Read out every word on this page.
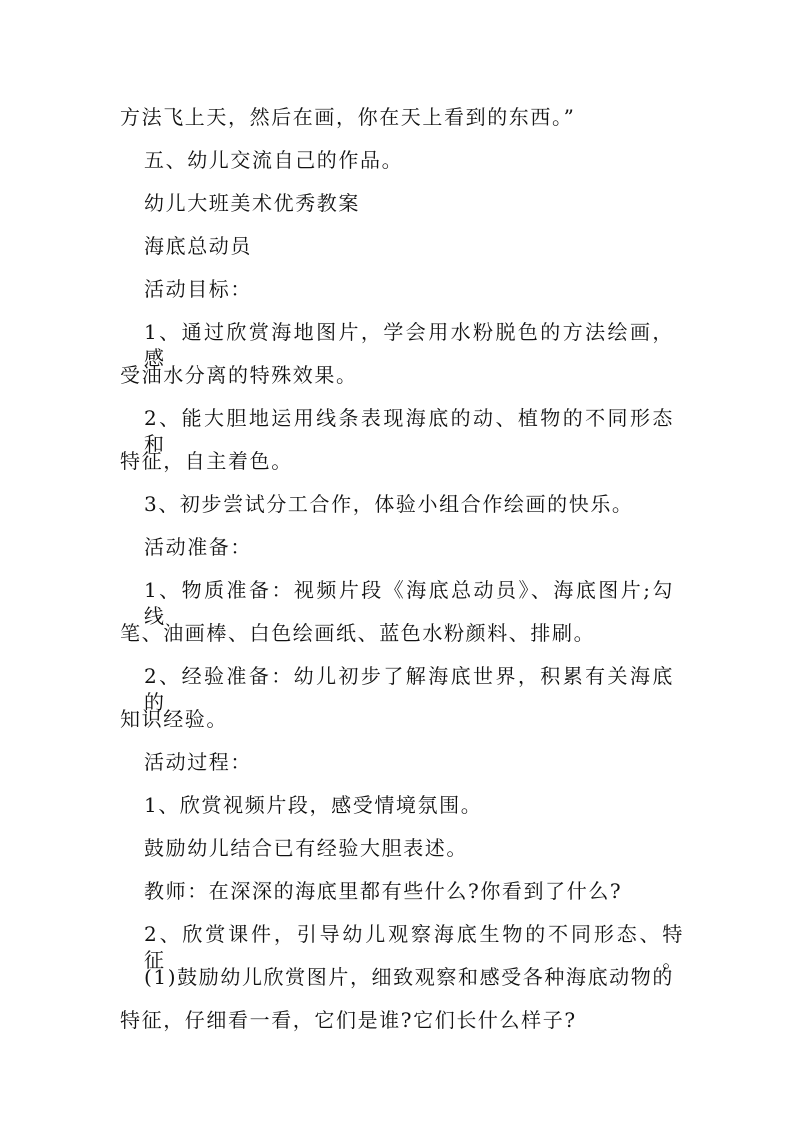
方法飞上天，然后在画，你在天上看到的东西。”
五、幼儿交流自己的作品。
幼儿大班美术优秀教案
海底总动员
活动目标：
1、通过欣赏海地图片，学会用水粉脱色的方法绘画，感
受油水分离的特殊效果。
2、能大胆地运用线条表现海底的动、植物的不同形态和
特征，自主着色。
3、初步尝试分工合作，体验小组合作绘画的快乐。
活动准备：
1、物质准备：视频片段《海底总动员》、海底图片;勾线
笔、油画棒、白色绘画纸、蓝色水粉颜料、排刷。
2、经验准备：幼儿初步了解海底世界，积累有关海底的
知识经验。
活动过程：
1、欣赏视频片段，感受情境氛围。
鼓励幼儿结合已有经验大胆表述。
教师：在深深的海底里都有些什么?你看到了什么?
2、欣赏课件，引导幼儿观察海底生物的不同形态、特征。
(1)鼓励幼儿欣赏图片，细致观察和感受各种海底动物的
特征，仔细看一看，它们是谁?它们长什么样子?
